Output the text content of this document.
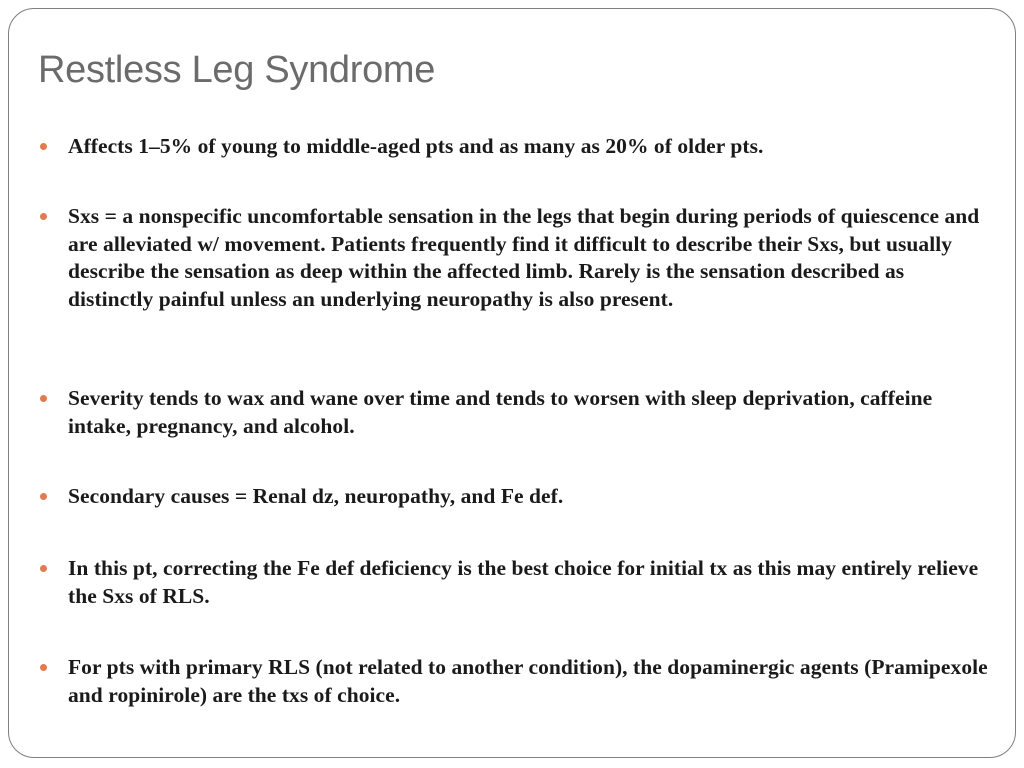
Restless Leg Syndrome
Affects 1–5% of young to middle-aged pts and as many as 20% of older pts.
Sxs = a nonspecific uncomfortable sensation in the legs that begin during periods of quiescence and are alleviated w/ movement. Patients frequently find it difficult to describe their Sxs, but usually describe the sensation as deep within the affected limb. Rarely is the sensation described as distinctly painful unless an underlying neuropathy is also present.
Severity tends to wax and wane over time and tends to worsen with sleep deprivation, caffeine intake, pregnancy, and alcohol.
Secondary causes = Renal dz, neuropathy, and Fe def.
In this pt, correcting the Fe def deficiency is the best choice for initial tx as this may entirely relieve the Sxs of RLS.
For pts with primary RLS (not related to another condition), the dopaminergic agents (Pramipexole and ropinirole) are the txs of choice.
